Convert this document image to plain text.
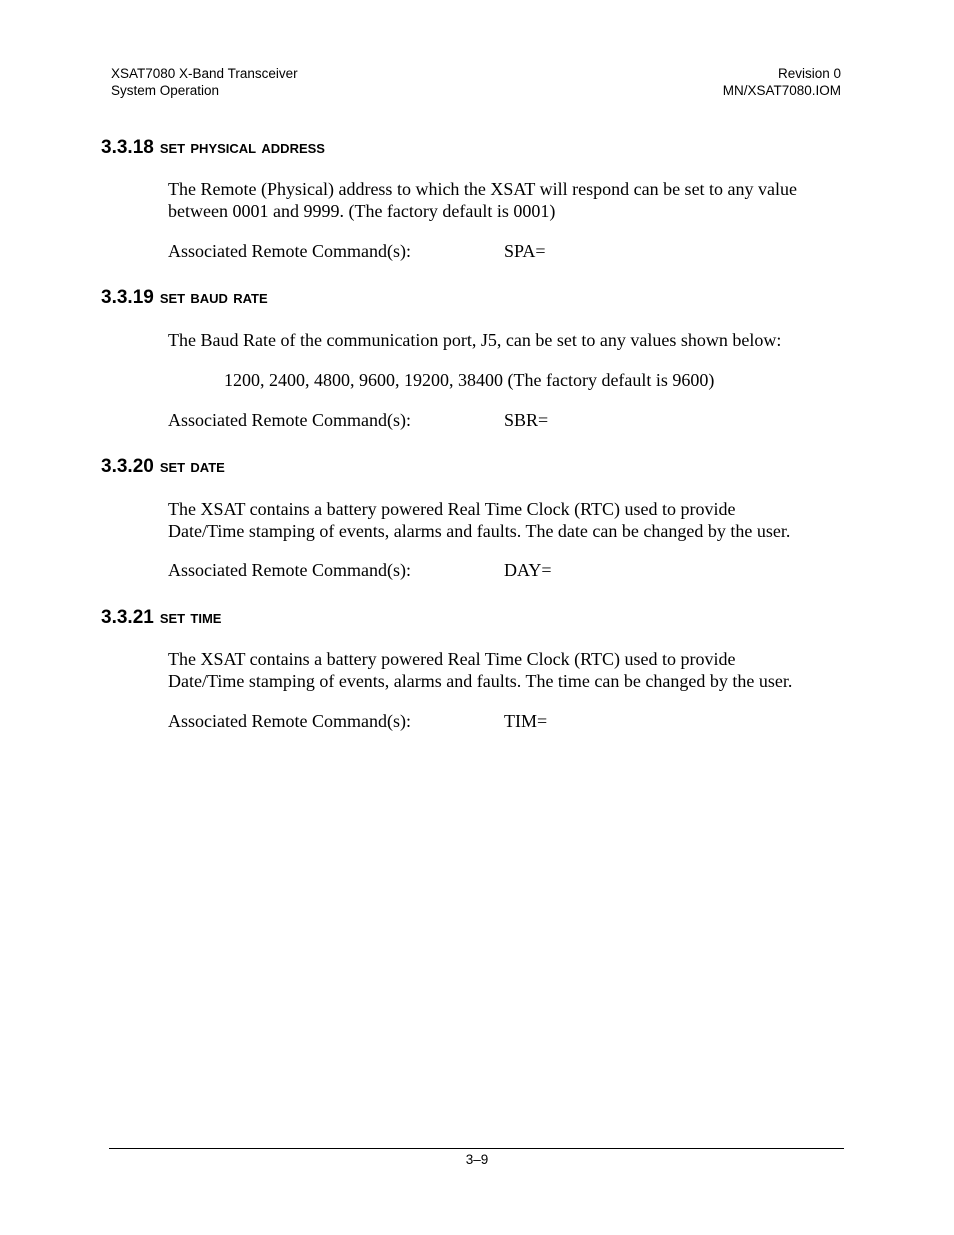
XSAT7080 X-Band Transceiver
System Operation
Revision 0
MN/XSAT7080.IOM
3.3.18 set physical address
The Remote (Physical) address to which the XSAT will respond can be set to any value
between 0001 and 9999. (The factory default is 0001)
Associated Remote Command(s):	SPA=
3.3.19 set baud rate
The Baud Rate of the communication port, J5, can be set to any values shown below:
1200, 2400, 4800, 9600, 19200, 38400 (The factory default is 9600)
Associated Remote Command(s):	SBR=
3.3.20 set date
The XSAT contains a battery powered Real Time Clock (RTC) used to provide
Date/Time stamping of events, alarms and faults. The date can be changed by the user.
Associated Remote Command(s):	DAY=
3.3.21 set time
The XSAT contains a battery powered Real Time Clock (RTC) used to provide
Date/Time stamping of events, alarms and faults. The time can be changed by the user.
Associated Remote Command(s):	TIM=
3–9
